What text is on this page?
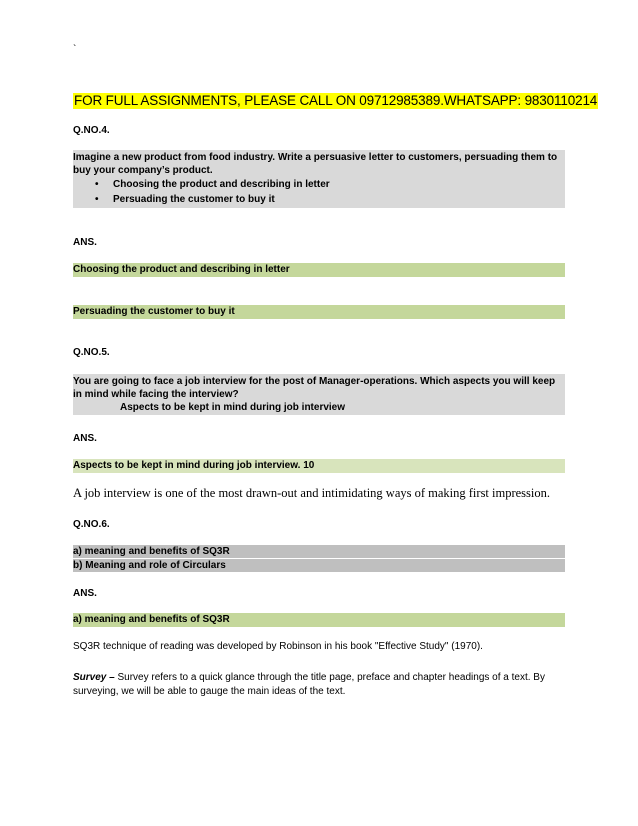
`
FOR FULL ASSIGNMENTS, PLEASE CALL ON 09712985389.WHATSAPP: 9830110214
Q.NO.4.
Imagine a new product from food industry. Write a persuasive letter to customers, persuading them to buy your company’s product.
• Choosing the product and describing in letter
• Persuading the customer to buy it
ANS.
Choosing the product and describing in letter
Persuading the customer to buy it
Q.NO.5.
You are going to face a job interview for the post of Manager-operations. Which aspects you will keep in mind while facing the interview?
Aspects to be kept in mind during job interview
ANS.
Aspects to be kept in mind during job interview. 10
A job interview is one of the most drawn-out and intimidating ways of making first impression.
Q.NO.6.
a) meaning and benefits of SQ3R
b) Meaning and role of Circulars
ANS.
a) meaning and benefits of SQ3R
SQ3R technique of reading was developed by Robinson in his book "Effective Study" (1970).
Survey – Survey refers to a quick glance through the title page, preface and chapter headings of a text. By surveying, we will be able to gauge the main ideas of the text.
